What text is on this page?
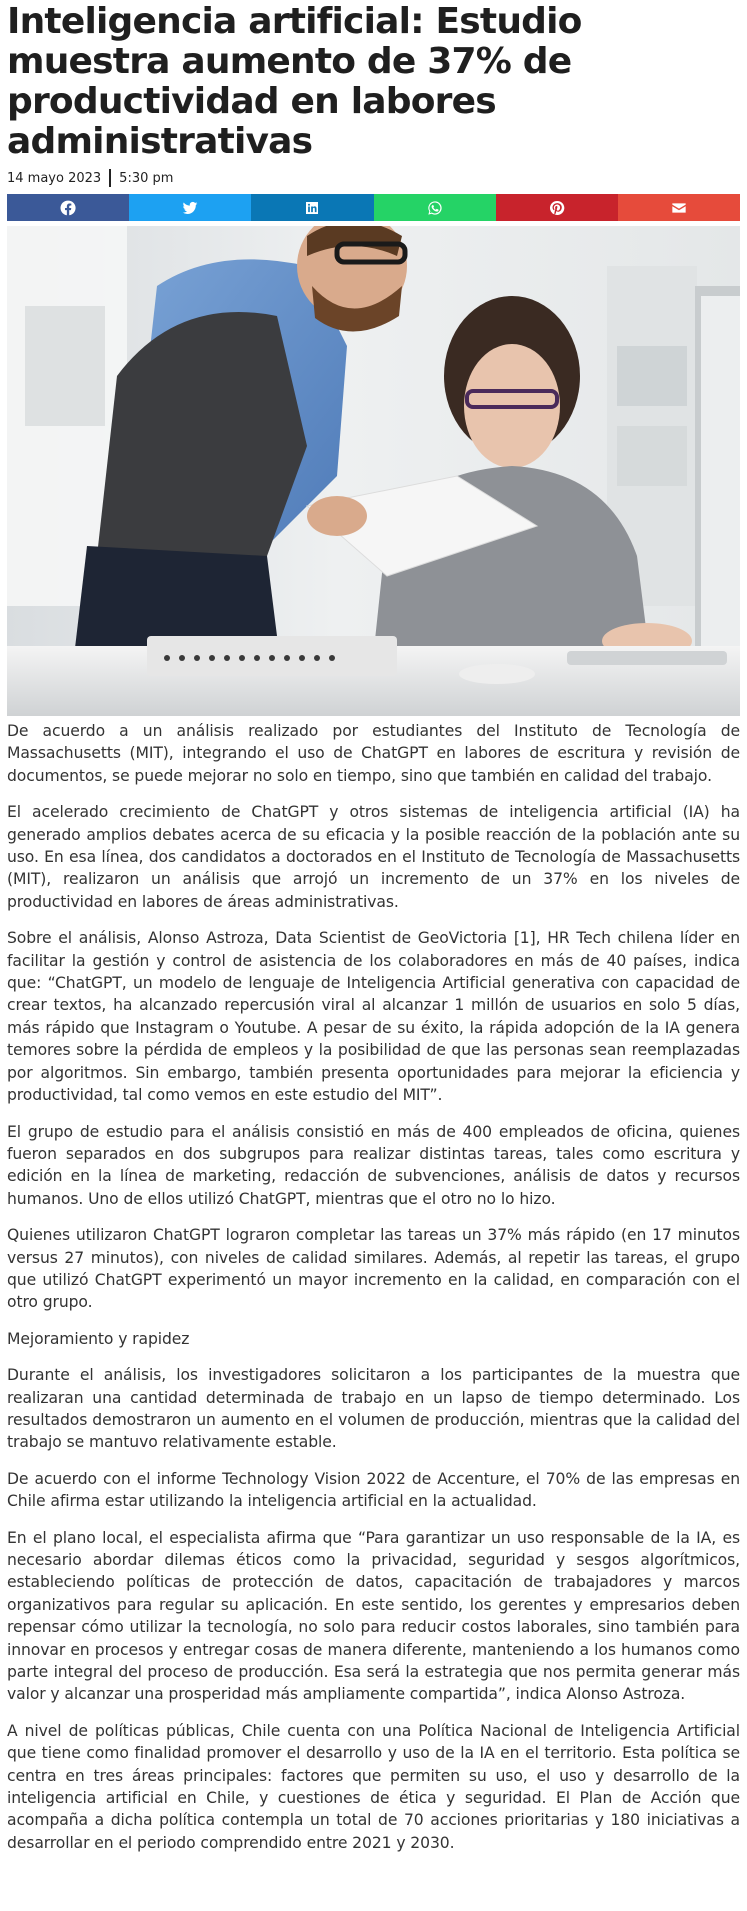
Inteligencia artificial: Estudio muestra aumento de 37% de productividad en labores administrativas
14 mayo 2023 5:30 pm

De acuerdo a un análisis realizado por estudiantes del Instituto de Tecnología de Massachusetts (MIT), integrando el uso de ChatGPT en labores de escritura y revisión de documentos, se puede mejorar no solo en tiempo, sino que también en calidad del trabajo.

El acelerado crecimiento de ChatGPT y otros sistemas de inteligencia artificial (IA) ha generado amplios debates acerca de su eficacia y la posible reacción de la población ante su uso. En esa línea, dos candidatos a doctorados en el Instituto de Tecnología de Massachusetts (MIT), realizaron un análisis que arrojó un incremento de un 37% en los niveles de productividad en labores de áreas administrativas.

Sobre el análisis, Alonso Astroza, Data Scientist de GeoVictoria [1], HR Tech chilena líder en facilitar la gestión y control de asistencia de los colaboradores en más de 40 países, indica que: “ChatGPT, un modelo de lenguaje de Inteligencia Artificial generativa con capacidad de crear textos, ha alcanzado repercusión viral al alcanzar 1 millón de usuarios en solo 5 días, más rápido que Instagram o Youtube. A pesar de su éxito, la rápida adopción de la IA genera temores sobre la pérdida de empleos y la posibilidad de que las personas sean reemplazadas por algoritmos. Sin embargo, también presenta oportunidades para mejorar la eficiencia y productividad, tal como vemos en este estudio del MIT”.

El grupo de estudio para el análisis consistió en más de 400 empleados de oficina, quienes fueron separados en dos subgrupos para realizar distintas tareas, tales como escritura y edición en la línea de marketing, redacción de subvenciones, análisis de datos y recursos humanos. Uno de ellos utilizó ChatGPT, mientras que el otro no lo hizo.

Quienes utilizaron ChatGPT lograron completar las tareas un 37% más rápido (en 17 minutos versus 27 minutos), con niveles de calidad similares. Además, al repetir las tareas, el grupo que utilizó ChatGPT experimentó un mayor incremento en la calidad, en comparación con el otro grupo.

Mejoramiento y rapidez

Durante el análisis, los investigadores solicitaron a los participantes de la muestra que realizaran una cantidad determinada de trabajo en un lapso de tiempo determinado. Los resultados demostraron un aumento en el volumen de producción, mientras que la calidad del trabajo se mantuvo relativamente estable.

De acuerdo con el informe Technology Vision 2022 de Accenture, el 70% de las empresas en Chile afirma estar utilizando la inteligencia artificial en la actualidad.

En el plano local, el especialista afirma que “Para garantizar un uso responsable de la IA, es necesario abordar dilemas éticos como la privacidad, seguridad y sesgos algorítmicos, estableciendo políticas de protección de datos, capacitación de trabajadores y marcos organizativos para regular su aplicación. En este sentido, los gerentes y empresarios deben repensar cómo utilizar la tecnología, no solo para reducir costos laborales, sino también para innovar en procesos y entregar cosas de manera diferente, manteniendo a los humanos como parte integral del proceso de producción. Esa será la estrategia que nos permita generar más valor y alcanzar una prosperidad más ampliamente compartida”, indica Alonso Astroza.

A nivel de políticas públicas, Chile cuenta con una Política Nacional de Inteligencia Artificial que tiene como finalidad promover el desarrollo y uso de la IA en el territorio. Esta política se centra en tres áreas principales: factores que permiten su uso, el uso y desarrollo de la inteligencia artificial en Chile, y cuestiones de ética y seguridad. El Plan de Acción que acompaña a dicha política contempla un total de 70 acciones prioritarias y 180 iniciativas a desarrollar en el periodo comprendido entre 2021 y 2030.
